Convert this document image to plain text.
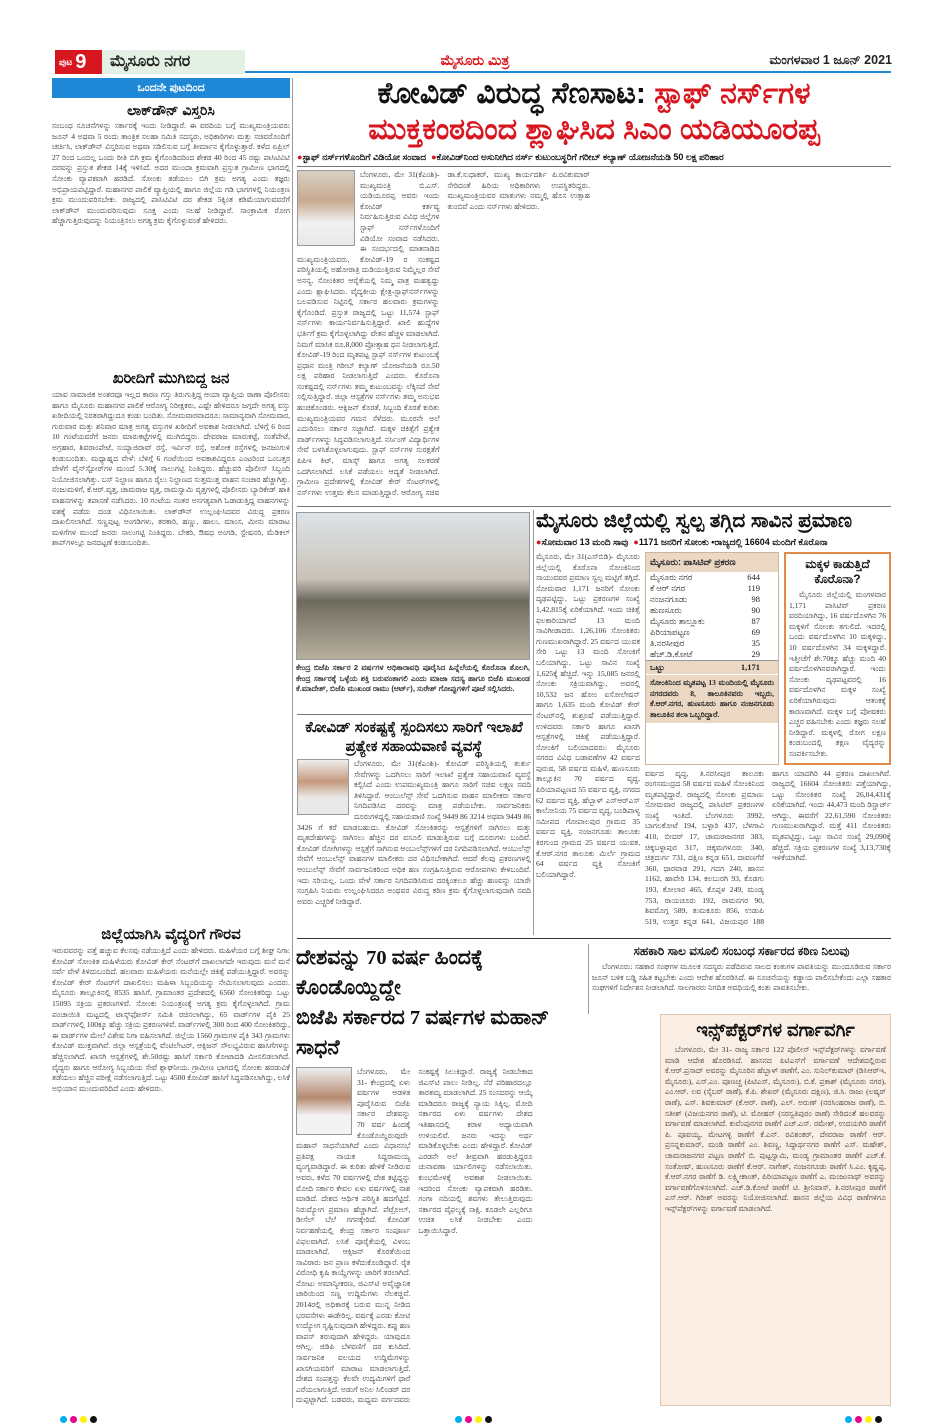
ಪುಟ 9	ಮೈಸೂರು ನಗರ	ಮೈಸೂರು ಮಿತ್ರ	ಮಂಗಳವಾರ 1 ಜೂನ್ 2021
ಒಂದನೇ ಪುಟದಿಂದ
ಲಾಕ್‌ಡೌನ್ ವಿಸ್ತರಿಸಿ
ಸಂಬಂಧ ಸೂಚನೆಗಳನ್ನು ಸರ್ಕಾರಕ್ಕೆ ಇಂದು ನೀಡಿದ್ದಾರೆ. ಈ ವರದಿಯ ಬಗ್ಗೆ ಮುಖ್ಯಮಂತ್ರಿಯವರು ಜೂನ್ 4 ಅಥವಾ 5 ರಂದು ತಾಂತ್ರಿಕ ಸಲಹಾ ಸಮಿತಿ ಸದಸ್ಯರು, ಅಧಿಕಾರಿಗಳು ಮತ್ತು ಸಚಿವರೊಂದಿಗೆ ಚರ್ಚಿಸಿ, ಲಾಕ್‌ಡೌನ್ ವಿಸ್ತರಿಸುವ ಅಥವಾ ಸಡಿಲಿಸುವ ಬಗ್ಗೆ ತೀರ್ಮಾನ ಕೈಗೊಳ್ಳುತ್ತಾರೆ. ಕಳೆದ ಏಪ್ರಿಲ್ 27 ರಿಂದ ಒಂದಲ್ಲ ಒಂದು ರೀತಿ ಬಿಗಿ ಕ್ರಮ ಕೈಗೊಂಡಿದರಿಂದ ಶೇಕಡ 40 ರಿಂದ 45 ರಷ್ಟು ಪಾಸಿಟಿವಿಟಿ ದರವನ್ನು ಪ್ರಸ್ತುತ ಶೇಕಡ 14ಕ್ಕೆ ಇಳಿಸಿದೆ. ಅದರ ಮುಂದಾ ಕ್ರಮವಾಗಿ ಪ್ರಸ್ತುತ ಗ್ರಾಮೀಣ ಭಾಗದಲ್ಲಿ ಸೋಂಕು ವ್ಯಾಪಕವಾಗಿ ಹರಡಿದೆ. ಸೋಂಕು ತಡೆಯಲು ಬಿಗಿ ಕ್ರಮ ಅಗತ್ಯ ಎಂದು ತಜ್ಞರು ಅಭಿಪ್ರಾಯಪಟ್ಟಿದ್ದಾರೆ. ಮಹಾನಗರ ಪಾಲಿಕೆ ವ್ಯಾಪ್ತಿಯಲ್ಲಿ ಹಾಗೂ ಜಿಲ್ಲೆಯ ಗಡಿ ಭಾಗಗಳಲ್ಲಿ ನಿಯಂತ್ರಣ ಕ್ರಮ ಮುಂದುವರಿಸಬೇಕು. ರಾಜ್ಯದಲ್ಲಿ ಪಾಸಿಟಿವಿಟಿ ದರ ಶೇಕಡ 5ಕ್ಕಿಂತ ಕಡಿಮೆಯಾಗುವವರೆಗೆ ಲಾಕ್‌ಡೌನ್ ಮುಂದುವರಿಸುವುದು ಸೂಕ್ತ ಎಂದು ಸಲಹೆ ನೀಡಿದ್ದಾರೆ. ಸಾಂಕ್ರಾಮಿಕ ರೋಗ ಹೆಚ್ಚಾಗುತ್ತಿರುವುದನ್ನು ನಿಯಂತ್ರಿಸಲು ಅಗತ್ಯ ಕ್ರಮ ಕೈಗೊಳ್ಳುವಂತೆ ಹೇಳಿದರು.
ಖರೀದಿಗೆ ಮುಗಿಬಿದ್ದ ಜನ
ಯಾವ ಸಾಮಾಜಿಕ ಅಂತರವೂ ಇಲ್ಲದ ಕಾರಣ ಗಸ್ತು ತಿರುಗುತ್ತಿದ್ದ ಆಯಾ ವ್ಯಾಪ್ತಿಯ ಠಾಣಾ ಪೊಲೀಸರು ಹಾಗೂ ಮೈಸೂರು ಮಹಾನಗರ ಪಾಲಿಕೆ ಆರೋಗ್ಯ ನಿರೀಕ್ಷಕರು, ಎಷ್ಟೇ ಹೇಳಿದರೂ ಜಗ್ಗದೇ ಅಗತ್ಯ ವಸ್ತು ಖರೀದಿಯಲ್ಲಿ ನಿರತರಾಗಿದ್ದುದೂ ಕಂಡು ಬಂದಿತು. ಸೋಮವಾರವಾದರೂ: ಸಾಮಾನ್ಯವಾಗಿ ಸೋಮವಾರ, ಗುರುವಾರ ಮತ್ತು ಶನಿವಾರ ಮಾತ್ರ ಅಗತ್ಯ ವಸ್ತುಗಳ ಖರೀದಿಗೆ ಅವಕಾಶ ನೀಡಲಾಗಿದೆ. ಬೆಳಿಗ್ಗೆ 6 ರಿಂದ 10 ಗಂಟೆಯವರೆಗೆ ಜನರು ಮಾರುಕಟ್ಟೆಗಳಲ್ಲಿ ಮುಗಿಬಿದ್ದರು. ದೇವರಾಜ ಮಾರುಕಟ್ಟೆ, ಸಂತೆಪೇಟೆ, ಅಗ್ರಹಾರ, ಶಿವರಾಂಪೇಟೆ, ಸಯ್ಯಾಜಿರಾವ್ ರಸ್ತೆ, ಇರ್ವಿನ್ ರಸ್ತೆ, ಅಶೋಕ ರಸ್ತೆಗಳಲ್ಲಿ ಜನಜಂಗುಳಿ ಕಂಡುಬಂದಿತು. ಮಧ್ಯಾಹ್ನದ ವೇಳೆ: ಬೆಳಿಗ್ಗೆ 6 ಗಂಟೆಯಿಂದ ಅವಕಾಶವಿದ್ದರೂ ಎಂಟರಿಂದ ಒಂಬತ್ತರ ವೇಳೆಗೆ ವೈನ್‌ಸ್ಟೋರ್‌ಗಳ ಮುಂದೆ 5.30ಕ್ಕೆ ಸಾಲುಗಟ್ಟಿ ನಿಂತಿದ್ದರು. ಹೆಚ್ಚುವರಿ ಪೊಲೀಸ್ ಸಿಬ್ಬಂದಿ ನಿಯೋಜಿಸಲಾಗಿತ್ತು. ಬಸ್ ನಿಲ್ದಾಣ ಹಾಗೂ ರೈಲು ನಿಲ್ದಾಣದ ಸುತ್ತಮುತ್ತ ವಾಹನ ಸಂಚಾರ ಹೆಚ್ಚಾಗಿತ್ತು. ನಂಜುಮಳಿಗೆ, ಕೆ.ಆರ್.ವೃತ್ತ, ಚಾಮರಾಜ ವೃತ್ತ, ರಾಮಸ್ವಾಮಿ ವೃತ್ತಗಳಲ್ಲಿ ಪೊಲೀಸರು ಬ್ಯಾರಿಕೇಡ್ ಹಾಕಿ ವಾಹನಗಳನ್ನು ತಪಾಸಣೆ ನಡೆಸಿದರು. 10 ಗಂಟೆಯ ನಂತರ ಅನಗತ್ಯವಾಗಿ ಓಡಾಡುತ್ತಿದ್ದ ವಾಹನಗಳನ್ನು ವಶಕ್ಕೆ ಪಡೆದು ದಂಡ ವಿಧಿಸಲಾಯಿತು. ಲಾಕ್‌ಡೌನ್ ಉಲ್ಲಂಘಿಸಿದವರ ವಿರುದ್ಧ ಪ್ರಕರಣ ದಾಖಲಿಸಲಾಗಿದೆ. ಸಣ್ಣಪುಟ್ಟ ಅಂಗಡಿಗಳು, ತರಕಾರಿ, ಹಣ್ಣು, ಹಾಲು, ಮಾಂಸ, ಮೀನು ಮಾರಾಟ ಮಳಿಗೆಗಳ ಮುಂದೆ ಜನರು ಸಾಲುಗಟ್ಟಿ ನಿಂತಿದ್ದರು. ಬೇಕರಿ, ಔಷಧ ಅಂಗಡಿ, ಸ್ಟೇಷನರಿ, ಮೆಡಿಕಲ್ ಶಾಪ್‌ಗಳಲ್ಲೂ ಜನದಟ್ಟಣೆ ಕಂಡುಬಂದಿತು.
ಜಿಲ್ಲೆಯಾಗಿಸಿ ವೈದ್ಯರಿಗೆ ಗೌರವ
ಇರುವವರನ್ನು ಪತ್ತೆ ಹಚ್ಚುವ ಕೆಲಸವು ನಡೆಯುತ್ತಿದೆ ಎಂದು ಹೇಳಿದರು. ಮಹಿಳೆಯರ ಬಗ್ಗೆ ಶೀಘ್ರ ನಿಗಾ: ಕೋವಿಡ್ ಸೋಂಕಿತ ಮಹಿಳೆಯರು ಕೋವಿಡ್ ಕೇರ್ ಸೆಂಟರ್‌ಗೆ ದಾಖಲಾಗದೇ ಇರುವುದು ಮನೆ ಮನೆ ಸರ್ವೆ ವೇಳೆ ತಿಳಿದುಬಂದಿದೆ. ಹಲವಾರು ಮಹಿಳೆಯರು ಮನೆಯಲ್ಲೇ ಚಿಕಿತ್ಸೆ ಪಡೆಯುತ್ತಿದ್ದಾರೆ. ಅವರನ್ನು ಕೋವಿಡ್ ಕೇರ್ ಸೆಂಟರ್‌ಗೆ ದಾಖಲಿಸಲು ಮಹಿಳಾ ಸಿಬ್ಬಂದಿಯನ್ನು ನೇಮಿಸಲಾಗುವುದು ಎಂದರು. ಮೈಸೂರು ತಾಲ್ಲೂಕಿನಲ್ಲಿ 8535 ಹಾಸಿಗೆ, ಗ್ರಾಮಾಂತರ ಪ್ರದೇಶದಲ್ಲಿ 6560 ಸೋಂಕಿತರಿದ್ದು ಒಟ್ಟು 15095 ಸಕ್ರಿಯ ಪ್ರಕರಣಗಳಿವೆ. ಸೋಂಕು ನಿಯಂತ್ರಣಕ್ಕೆ ಅಗತ್ಯ ಕ್ರಮ ಕೈಗೊಳ್ಳಲಾಗಿದೆ. ಗ್ರಾಮ ಪಂಚಾಯಿತಿ ಮಟ್ಟದಲ್ಲಿ ಟಾಸ್ಕ್‌ಫೋರ್ಸ್ ಸಮಿತಿ ರಚಿಸಲಾಗಿದ್ದು, 65 ವಾರ್ಡ್‌ಗಳ ಪೈಕಿ 25 ವಾರ್ಡ್‌ಗಳಲ್ಲಿ 100ಕ್ಕೂ ಹೆಚ್ಚು ಸಕ್ರಿಯ ಪ್ರಕರಣಗಳಿವೆ. ವಾರ್ಡ್‌ಗಳಲ್ಲಿ 300 ರಿಂದ 400 ಸೋಂಕಿತರಿದ್ದು, ಈ ವಾರ್ಡ್‌ಗಳ ಮೇಲೆ ವಿಶೇಷ ನಿಗಾ ವಹಿಸಲಾಗಿದೆ. ಜಿಲ್ಲೆಯ 1560 ಗ್ರಾಮಗಳ ಪೈಕಿ 343 ಗ್ರಾಮಗಳು ಕೋವಿಡ್ ಮುಕ್ತವಾಗಿವೆ. ಜಿಲ್ಲಾ ಆಸ್ಪತ್ರೆಯಲ್ಲಿ ವೆಂಟಿಲೇಟರ್, ಆಕ್ಸಿಜನ್ ಸೌಲಭ್ಯವಿರುವ ಹಾಸಿಗೆಗಳನ್ನು ಹೆಚ್ಚಿಸಲಾಗಿದೆ. ಖಾಸಗಿ ಆಸ್ಪತ್ರೆಗಳಲ್ಲಿ ಶೇ.50ರಷ್ಟು ಹಾಸಿಗೆ ಸರ್ಕಾರಿ ಕೋಟಾದಡಿ ಮೀಸಲಿಡಲಾಗಿದೆ. ವೈದ್ಯರು ಹಾಗೂ ಆರೋಗ್ಯ ಸಿಬ್ಬಂದಿಯ ಸೇವೆ ಶ್ಲಾಘನೀಯ. ಗ್ರಾಮೀಣ ಭಾಗದಲ್ಲಿ ಸೋಂಕು ಹರಡುವಿಕೆ ತಡೆಯಲು ಹೆಚ್ಚಿನ ಪರೀಕ್ಷೆ ನಡೆಸಲಾಗುತ್ತಿದೆ. ಒಟ್ಟು 4500 ಕೋವಿಡ್ ಹಾಸಿಗೆ ಸಿದ್ಧಪಡಿಸಲಾಗಿದ್ದು, ಲಸಿಕೆ ಅಭಿಯಾನ ಮುಂದುವರಿದಿದೆ ಎಂದು ಹೇಳಿದರು.
ಕೋವಿಡ್ ವಿರುದ್ಧ ಸೆಣಸಾಟ: ಸ್ಟಾಫ್ ನರ್ಸ್‌ಗಳ
ಮುಕ್ತಕಂಠದಿಂದ ಶ್ಲಾಘಿಸಿದ ಸಿಎಂ ಯಡಿಯೂರಪ್ಪ
●ಸ್ಟಾಫ್ ನರ್ಸ್‌ಗಳೊಂದಿಗೆ ವಿಡಿಯೋ ಸಂವಾದ ●ಕೋವಿಡ್‌ನಿಂದ ಅಸುನೀಗಿದ ನರ್ಸ್ ಕುಟುಂಬಸ್ಥರಿಗೆ ಗರೀಬ್ ಕಲ್ಯಾಣ್ ಯೋಜನೆಯಡಿ 50 ಲಕ್ಷ ಪರಿಹಾರ
ಬೆಂಗಳೂರು, ಮೇ 31(ಕೆಎಂಶಿ)- ಮುಖ್ಯಮಂತ್ರಿ ಬಿ.ಎಸ್. ಯಡಿಯೂರಪ್ಪ ಅವರು ಇಂದು ಕೋವಿಡ್ ಕರ್ತವ್ಯ ನಿರ್ವಹಿಸುತ್ತಿರುವ ವಿವಿಧ ಜಿಲ್ಲೆಗಳ ಸ್ಟಾಫ್ ನರ್ಸ್‌ಗಳೊಂದಿಗೆ ವಿಡಿಯೋ ಸಂವಾದ ನಡೆಸಿದರು. ಈ ಸಂದರ್ಭದಲ್ಲಿ ಮಾತನಾಡಿದ ಮುಖ್ಯಮಂತ್ರಿಯವರು, ಕೋವಿಡ್-19 ರ ಸಂಕಷ್ಟದ ಪರಿಸ್ಥಿತಿಯಲ್ಲಿ ಅಹೋರಾತ್ರಿ ದುಡಿಯುತ್ತಿರುವ ನಿಮ್ಮೆಲ್ಲರ ಸೇವೆ ಅನನ್ಯ. ಸೋಂಕಿತರ ಆರೈಕೆಯಲ್ಲಿ ನಿಮ್ಮ ಪಾತ್ರ ಮಹತ್ವದ್ದು ಎಂದು ಶ್ಲಾಘಿಸಿದರು. ವೈದ್ಯಕೀಯ ಕ್ಷೇತ್ರ-ಸ್ಟಾಫ್‌ನರ್ಸ್‌ಗಳನ್ನು ಬಲಪಡಿಸುವ ನಿಟ್ಟಿನಲ್ಲಿ ಸರ್ಕಾರ ಹಲವಾರು ಕ್ರಮಗಳನ್ನು ಕೈಗೊಂಡಿದೆ. ಪ್ರಸ್ತುತ ರಾಜ್ಯದಲ್ಲಿ ಒಟ್ಟು 11,574 ಸ್ಟಾಫ್ ನರ್ಸ್‌ಗಳು ಕಾರ್ಯನಿರ್ವಹಿಸುತ್ತಿದ್ದಾರೆ. ಖಾಲಿ ಹುದ್ದೆಗಳ ಭರ್ತಿಗೆ ಕ್ರಮ ಕೈಗೊಳ್ಳಲಾಗಿದ್ದು ವೇತನ ಹೆಚ್ಚಳ ಮಾಡಲಾಗಿದೆ. ನಿಮಗೆ ಮಾಸಿಕ ರೂ.8,000 ಪ್ರೋತ್ಸಾಹ ಧನ ನೀಡಲಾಗುತ್ತಿದೆ. ಕೋವಿಡ್-19 ರಿಂದ ಮೃತಪಟ್ಟ ಸ್ಟಾಫ್ ನರ್ಸ್‌ಗಳ ಕುಟುಂಬಕ್ಕೆ ಪ್ರಧಾನ ಮಂತ್ರಿ ಗರೀಬ್ ಕಲ್ಯಾಣ್ ಯೋಜನೆಯಡಿ ರೂ.50 ಲಕ್ಷ ಪರಿಹಾರ ನೀಡಲಾಗುತ್ತಿದೆ ಎಂದರು. ಕೊರೊನಾ ಸಂಕಷ್ಟದಲ್ಲಿ ನರ್ಸ್‌ಗಳು ತಮ್ಮ ಕುಟುಂಬವನ್ನು ಲೆಕ್ಕಿಸದೆ ಸೇವೆ ಸಲ್ಲಿಸುತ್ತಿದ್ದಾರೆ. ಜಿಲ್ಲಾ ಆಸ್ಪತ್ರೆಗಳ ನರ್ಸ್‌ಗಳು ತಮ್ಮ ಅನುಭವ ಹಂಚಿಕೊಂಡರು. ಆಕ್ಸಿಜನ್ ಕೊರತೆ, ಸಿಬ್ಬಂದಿ ಕೊರತೆ ಕುರಿತು ಮುಖ್ಯಮಂತ್ರಿಯವರ ಗಮನ ಸೆಳೆದರು. ಮೂರನೇ ಅಲೆ ಎದುರಿಸಲು ಸರ್ಕಾರ ಸಜ್ಜಾಗಿದೆ. ಮಕ್ಕಳ ಚಿಕಿತ್ಸೆಗೆ ಪ್ರತ್ಯೇಕ ವಾರ್ಡ್‌ಗಳನ್ನು ಸಿದ್ಧಪಡಿಸಲಾಗುತ್ತಿದೆ. ನರ್ಸಿಂಗ್ ವಿದ್ಯಾರ್ಥಿಗಳ ಸೇವೆ ಬಳಸಿಕೊಳ್ಳಲಾಗುವುದು. ಸ್ಟಾಫ್ ನರ್ಸ್‌ಗಳ ಸುರಕ್ಷತೆಗೆ ಪಿಪಿಇ ಕಿಟ್, ಮಾಸ್ಕ್ ಹಾಗೂ ಅಗತ್ಯ ಸಲಕರಣೆ ಒದಗಿಸಲಾಗಿದೆ. ಲಸಿಕೆ ಪಡೆಯಲು ಆದ್ಯತೆ ನೀಡಲಾಗಿದೆ. ಗ್ರಾಮೀಣ ಪ್ರದೇಶಗಳಲ್ಲಿ ಕೋವಿಡ್ ಕೇರ್ ಸೆಂಟರ್‌ಗಳಲ್ಲಿ ನರ್ಸ್‌ಗಳು ಉತ್ತಮ ಕೆಲಸ ಮಾಡುತ್ತಿದ್ದಾರೆ. ಆರೋಗ್ಯ ಸಚಿವ ಡಾ.ಕೆ.ಸುಧಾಕರ್, ಮುಖ್ಯ ಕಾರ್ಯದರ್ಶಿ ಪಿ.ರವಿಕುಮಾರ್ ಸೇರಿದಂತೆ ಹಿರಿಯ ಅಧಿಕಾರಿಗಳು ಉಪಸ್ಥಿತರಿದ್ದರು. ಮುಖ್ಯಮಂತ್ರಿಯವರ ಮಾತುಗಳು ನಮ್ಮಲ್ಲಿ ಹೊಸ ಉತ್ಸಾಹ ತುಂಬಿವೆ ಎಂದು ನರ್ಸ್‌ಗಳು ಹೇಳಿದರು.
ಕೇಂದ್ರ ಬಿಜೆಪಿ ಸರ್ಕಾರ 2 ವರ್ಷಗಳ ಅಧಿಕಾರಾವಧಿ ಪೂರೈಸಿದ ಹಿನ್ನೆಲೆಯಲ್ಲಿ ಕೊರೊನಾ ತೊಲಗಿ, ಕೇಂದ್ರ ಸರ್ಕಾರಕ್ಕೆ ಒಳ್ಳೆಯ ಶಕ್ತಿ ಬರುವಂತಾಗಲಿ ಎಂದು ಮಾಜಾ ಸದಸ್ಯ ಹಾಗೂ ಬಿಜೆಪಿ ಮುಖಂಡ ಕೆ.ಮಾದೇಶ್, ಬಿಜೆಪಿ ಮುಖಂಡ ರಾಮು (ಆರ್ಟ್), ಸುರೇಶ್ ಗೋಪ್ಪುಗಳಿಗೆ ಪೂಜೆ ಸಲ್ಲಿಸಿದರು.
ಕೋವಿಡ್ ಸಂಕಷ್ಟಕ್ಕೆ ಸ್ಪಂದಿಸಲು ಸಾರಿಗೆ ಇಲಾಖೆ ಪ್ರತ್ಯೇಕ ಸಹಾಯವಾಣಿ ವ್ಯವಸ್ಥೆ
ಬೆಂಗಳೂರು, ಮೇ 31(ಕೆಎಂಶಿ)- ಕೋವಿಡ್ ಪರಿಸ್ಥಿತಿಯಲ್ಲಿ ತುರ್ತು ಸೇವೆಗಳನ್ನು ಒದಗಿಸಲು ಸಾರಿಗೆ ಇಲಾಖೆ ಪ್ರತ್ಯೇಕ ಸಹಾಯವಾಣಿ ವ್ಯವಸ್ಥೆ ಕಲ್ಪಿಸಿದೆ ಎಂದು ಉಪಮುಖ್ಯಮಂತ್ರಿ ಹಾಗೂ ಸಾರಿಗೆ ಸಚಿವ ಲಕ್ಷ್ಮಣ ಸವದಿ ತಿಳಿಸಿದ್ದಾರೆ. ಆಂಬುಲೆನ್ಸ್ ಸೇವೆ ಒದಗಿಸುವ ವಾಹನ ಮಾಲೀಕರು ಸರ್ಕಾರ ನಿಗದಿಪಡಿಸಿದ ದರವನ್ನು ಮಾತ್ರ ಪಡೆಯಬೇಕು. ಸಾರ್ವಜನಿಕರು ದೂರುಗಳಿದ್ದಲ್ಲಿ ಸಹಾಯವಾಣಿ ಸಂಖ್ಯೆ 9449 86 3214 ಅಥವಾ 9449 86 3426 ಗೆ ಕರೆ ಮಾಡಬಹುದು. ಕೋವಿಡ್ ಸೋಂಕಿತರನ್ನು ಆಸ್ಪತ್ರೆಗಳಿಗೆ ಸಾಗಿಸಲು ಮತ್ತು ಮೃತದೇಹಗಳನ್ನು ಸಾಗಿಸಲು ಹೆಚ್ಚಿನ ದರ ವಸೂಲಿ ಮಾಡುತ್ತಿರುವ ಬಗ್ಗೆ ದೂರುಗಳು ಬಂದಿವೆ. ಕೋವಿಡ್ ರೋಗಿಗಳನ್ನು ಆಸ್ಪತ್ರೆಗೆ ಸಾಗಿಸುವ ಆಂಬುಲೆನ್ಸ್‌ಗಳಿಗೆ ದರ ನಿಗದಿಪಡಿಸಲಾಗಿದೆ. ಆಂಬುಲೆನ್ಸ್ ಸೇವೆಗೆ ಆಂಬುಲೆನ್ಸ್ ವಾಹನಗಳ ಮಾಲೀಕರು ದರ ವಿಧಿಸಬೇಕಾಗಿದೆ. ಆದರೆ ಕೆಲವು ಪ್ರಕರಣಗಳಲ್ಲಿ ಆಂಬುಲೆನ್ಸ್ ಸೇವೆಗೆ ಸಾರ್ವಜನಿಕರಿಂದ ಅಧಿಕ ಹಣ ಸಂಗ್ರಹಿಸುತ್ತಿರುವ ಆರೋಪಗಳು ಕೇಳಿಬಂದಿವೆ. ಇದು ಸರಿಯಲ್ಲ. ಒಂದು ವೇಳೆ ಸರ್ಕಾರ ನಿಗದಿಪಡಿಸಿರುವ ದರಕ್ಕಿಂತಲೂ ಹೆಚ್ಚು ಹಣವನ್ನು ಯಾರೇ ಸಂಗ್ರಹಿಸಿ ನಿಯಮ ಉಲ್ಲಂಘಿಸಿದರೂ ಅಂಥವರ ವಿರುದ್ಧ ಕಠಿಣ ಕ್ರಮ ಕೈಗೊಳ್ಳಲಾಗುವುದಾಗಿ ಸವದಿ ಅವರು ಎಚ್ಚರಿಕೆ ನೀಡಿದ್ದಾರೆ.
ಮೈಸೂರು ಜಿಲ್ಲೆಯಲ್ಲಿ ಸ್ವಲ್ಪ ತಗ್ಗಿದ ಸಾವಿನ ಪ್ರಮಾಣ
●ಸೋಮವಾರ 13 ಮಂದಿ ಸಾವು ●1171 ಜನರಿಗೆ ಸೋಂಕು •ರಾಜ್ಯದಲ್ಲಿ 16604 ಮಂದಿಗೆ ಕೊರೊನಾ
ಮೈಸೂರು, ಮೇ 31(ಎಸ್‌ಬಿಡಿ)- ಮೈಸೂರು ಜಿಲ್ಲೆಯಲ್ಲಿ ಕೊರೊನಾ ಸೋಂಕಿನಿಂದ ಸಾಯುವವರ ಪ್ರಮಾಣ ಸ್ವಲ್ಪ ಮಟ್ಟಿಗೆ ತಗ್ಗಿದೆ. ಸೋಮವಾರ 1,171 ಜನರಿಗೆ ಸೋಂಕು ದೃಢಪಟ್ಟಿದ್ದು, ಒಟ್ಟು ಪ್ರಕರಣಗಳ ಸಂಖ್ಯೆ 1,42,815ಕ್ಕೆ ಏರಿಕೆಯಾಗಿದೆ. ಇಂದು ಚಿಕಿತ್ಸೆ ಫಲಕಾರಿಯಾಗದೆ 13 ಮಂದಿ ಸಾವಿಗೀಡಾದರು. 1,26,106 ಸೋಂಕಿತರು ಗುಣಮುಖರಾಗಿದ್ದಾರೆ. 25 ವರ್ಷದ ಯುವಕ ಸೇರಿ ಒಟ್ಟು 13 ಮಂದಿ ಸೋಂಕಿಗೆ ಬಲಿಯಾಗಿದ್ದು, ಒಟ್ಟು ಸಾವಿನ ಸಂಖ್ಯೆ 1,625ಕ್ಕೆ ಹೆಚ್ಚಿದೆ. ಇನ್ನು 15,085 ಜನರಲ್ಲಿ ಸೋಂಕು ಸಕ್ರಿಯವಾಗಿದ್ದು, ಅವರಲ್ಲಿ 10,532 ಜನ ಹೋಂ ಐಸೋಲೇಷನ್ ಹಾಗೂ 1,635 ಮಂದಿ ಕೋವಿಡ್ ಕೇರ್ ಸೆಂಟರ್‌ನಲ್ಲಿ ಶುಶ್ರೂಷೆ ಪಡೆಯುತ್ತಿದ್ದಾರೆ. ಉಳಿದವರು ಸರ್ಕಾರಿ ಹಾಗೂ ಖಾಸಗಿ ಆಸ್ಪತ್ರೆಗಳಲ್ಲಿ ಚಿಕಿತ್ಸೆ ಪಡೆಯುತ್ತಿದ್ದಾರೆ. ಸೋಂಕಿಗೆ ಬಲಿಯಾದವರು: ಮೈಸೂರು ನಗರದ ವಿವಿಧ ಬಡಾವಣೆಗಳ 42 ವರ್ಷದ ಪುರುಷ, 58 ವರ್ಷದ ಮಹಿಳೆ, ಹುಣಸೂರು ತಾಲ್ಲೂಕಿನ 70 ವರ್ಷದ ವೃದ್ಧ, ಪಿರಿಯಾಪಟ್ಟಣದ 55 ವರ್ಷದ ವ್ಯಕ್ತಿ, ನಗರದ 62 ವರ್ಷದ ವ್ಯಕ್ತಿ, ಹೆಬ್ಬಾಳ್ ಎಸ್‌ಆರ್‌ಎಸ್ ಕಾಲೋನಿಯ 75 ವರ್ಷದ ವೃದ್ಧ, ಬಂಡಿಪಾಳ್ಯ ಸಮೀಪದ ಗೋಪಾಲಪುರ ಗ್ರಾಮದ 35 ವರ್ಷದ ವ್ಯಕ್ತಿ, ನಂಜನಗೂಡು ತಾಲೂಕು ಕಿರಗುಂದ ಗ್ರಾಮದ 25 ವರ್ಷದ ಯುವಕ, ಕೆ.ಆರ್.ನಗರ ತಾಲೂಕು ಮಿರ್ಲೆ ಗ್ರಾಮದ 64 ವರ್ಷದ ವ್ಯಕ್ತಿ ಸೋಂಕಿಗೆ ಬಲಿಯಾಗಿದ್ದಾರೆ.
ಮೈಸೂರು: ಪಾಸಿಟಿವ್ ಪ್ರಕರಣ
ಮೈಸೂರು ನಗರ	644
ಕೆ ಆರ್ ನಗರ	119
ನಂಜನಗೂಡು	98
ಹುಣಸೂರು	90
ಮೈಸೂರು ತಾಲ್ಲೂಕು	87
ಪಿರಿಯಾಪಟ್ಟಣ	69
ತಿ.ನರಸೀಪುರ	35
ಹೆಚ್.ಡಿ.ಕೋಟೆ	29
ಒಟ್ಟು	1,171
ಸೋಂಕಿನಿಂದ ಮೃತಪಟ್ಟ 13 ಮಂದಿಯಲ್ಲಿ ಮೈಸೂರು ನಗರದವರು 8, ತಾಲೂಕಿನವರು ಇಬ್ಬರು, ಕೆ.ಆರ್.ನಗರ, ಹುಣಸೂರು ಹಾಗೂ ನಂಜನಗೂಡು ತಾಲೂಕಿನ ತಲಾ ಒಬ್ಬರಿದ್ದಾರೆ.
ಮಕ್ಕಳ ಕಾಡುತ್ತಿದೆ ಕೊರೊನಾ?
ಮೈಸೂರು ಜಿಲ್ಲೆಯಲ್ಲಿ ಮಂಗಳವಾರ 1,171 ಪಾಸಿಟಿವ್ ಪ್ರಕರಣ ವರದಿಯಾಗಿದ್ದು, 16 ವರ್ಷದೊಳಗಿನ 76 ಮಕ್ಕಳಿಗೆ ಸೋಂಕು ತಗುಲಿದೆ. ಇದರಲ್ಲಿ ಒಂದು ವರ್ಷದೊಳಗಿನ 10 ಮಕ್ಕಳಿದ್ದು, 10 ವರ್ಷದೊಳಗಿನ 34 ಮಕ್ಕಳಿದ್ದಾರೆ. ಇತ್ತೀಚೆಗೆ ಶೇ.70ಕ್ಕೂ ಹೆಚ್ಚು ಮಂದಿ 40 ವರ್ಷದೊಳಗಿನವರಾಗಿದ್ದಾರೆ. ಇಂದು ಸೋಂಕು ದೃಢಪಟ್ಟವರಲ್ಲಿ 16 ವರ್ಷದೊಳಗಿನ ಮಕ್ಕಳ ಸಂಖ್ಯೆ ಏರಿಕೆಯಾಗಿರುವುದು ಆತಂಕಕ್ಕೆ ಕಾರಣವಾಗಿದೆ. ಮಕ್ಕಳ ಬಗ್ಗೆ ಪೋಷಕರು ಎಚ್ಚರ ವಹಿಸಬೇಕು ಎಂದು ತಜ್ಞರು ಸಲಹೆ ನೀಡಿದ್ದಾರೆ. ಮಕ್ಕಳಲ್ಲಿ ರೋಗ ಲಕ್ಷಣ ಕಂಡುಬಂದಲ್ಲಿ ತಕ್ಷಣ ವೈದ್ಯರನ್ನು ಸಂಪರ್ಕಿಸಬೇಕು.
ವರ್ಷದ ವೃದ್ಧ, ತಿ.ನರಸೀಪುರ ತಾಲೂಕು ರಂಗಸಮುದ್ರದ 58 ವರ್ಷದ ಮಹಿಳೆ ಸೋಂಕಿನಿಂದ ಮೃತಪಟ್ಟಿದ್ದಾರೆ. ರಾಜ್ಯದಲ್ಲಿ ಸೋಂಕು ಪ್ರಮಾಣ: ಸೋಮವಾರ ರಾಜ್ಯದಲ್ಲಿ ಪಾಸಿಟಿವ್ ಪ್ರಕರಣಗಳ ಸಂಖ್ಯೆ ಇಂತಿದೆ. ಬೆಂಗಳೂರು 3992, ಬಾಗಲಕೋಟೆ 194, ಬಳ್ಳಾರಿ 437, ಬೆಳಗಾವಿ 410, ಬೀದರ್ 17, ಚಾಮರಾಜನಗರ 383, ಚಿಕ್ಕಬಳ್ಳಾಪುರ 317, ಚಿಕ್ಕಮಗಳೂರು 340, ಚಿತ್ರದುರ್ಗ 731, ದಕ್ಷಿಣ ಕನ್ನಡ 651, ದಾವಣಗೆರೆ 360, ಧಾರವಾಡ 291, ಗದಗ 240, ಹಾಸನ 1162, ಹಾವೇರಿ 134, ಕಲಬುರಗಿ 93, ಕೊಡಗು 193, ಕೋಲಾರ 465, ಕೊಪ್ಪಳ 249, ಮಂಡ್ಯ 753, ರಾಯಚೂರು 192, ರಾಮನಗರ 90, ಶಿವಮೊಗ್ಗ 589, ತುಮಕೂರು 856, ಉಡುಪಿ 519, ಉತ್ತರ ಕನ್ನಡ 641, ವಿಜಯಪುರ 188 ಹಾಗೂ ಯಾದಗಿರಿ 44 ಪ್ರಕರಣ ದಾಖಲಾಗಿವೆ. ರಾಜ್ಯದಲ್ಲಿ 16604 ಸೋಂಕಿತರು ಪತ್ತೆಯಾಗಿದ್ದು, ಒಟ್ಟು ಸೋಂಕಿತರ ಸಂಖ್ಯೆ 26,04,431ಕ್ಕೆ ಏರಿಕೆಯಾಗಿದೆ. ಇಂದು 44,473 ಮಂದಿ ಡಿಸ್ಚಾರ್ಜ್ ಆಗಿದ್ದು, ಈವರೆಗೆ 22,61,590 ಸೋಂಕಿತರು ಗುಣಮುಖರಾಗಿದ್ದಾರೆ. ಮತ್ತೆ 411 ಸೋಂಕಿತರು ಮೃತಪಟ್ಟಿದ್ದು, ಒಟ್ಟು ಸಾವಿನ ಸಂಖ್ಯೆ 29,090ಕ್ಕೆ ಹೆಚ್ಚಿದೆ. ಸಕ್ರಿಯ ಪ್ರಕರಣಗಳ ಸಂಖ್ಯೆ 3,13,730ಕ್ಕೆ ಇಳಿಕೆಯಾಗಿದೆ.
ದೇಶವನ್ನು 70 ವರ್ಷ ಹಿಂದಕ್ಕೆ ಕೊಂಡೊಯ್ದಿದ್ದೇ
ಬಿಜೆಪಿ ಸರ್ಕಾರದ 7 ವರ್ಷಗಳ ಮಹಾನ್ ಸಾಧನೆ
ಬೆಂಗಳೂರು, ಮೇ 31- ಕೇಂದ್ರದಲ್ಲಿ ಏಳು ವರ್ಷಗಳ ಆಡಳಿತ ಪೂರೈಸಿರುವ ಬಿಜೆಪಿ ಸರ್ಕಾರ ದೇಶವನ್ನು 70 ವರ್ಷ ಹಿಂದಕ್ಕೆ ಕೊಂಡೊಯ್ದಿರುವುದೇ ಮಹಾನ್ ಸಾಧನೆಯಾಗಿದೆ ಎಂದು ವಿಧಾನಸಭೆ ಪ್ರತಿಪಕ್ಷ ನಾಯಕ ಸಿದ್ದರಾಮಯ್ಯ ವ್ಯಂಗ್ಯವಾಡಿದ್ದಾರೆ. ಈ ಕುರಿತು ಹೇಳಿಕೆ ನೀಡಿರುವ ಅವರು, ಕಳೆದ 70 ವರ್ಷಗಳಲ್ಲಿ ದೇಶ ಕಟ್ಟಿದ್ದನ್ನು ಮೋದಿ ಸರ್ಕಾರ ಕೇವಲ ಏಳು ವರ್ಷಗಳಲ್ಲಿ ನಾಶ ಮಾಡಿದೆ. ದೇಶದ ಆರ್ಥಿಕ ಪರಿಸ್ಥಿತಿ ಹದಗೆಟ್ಟಿದೆ. ನಿರುದ್ಯೋಗ ಪ್ರಮಾಣ ಹೆಚ್ಚಾಗಿದೆ. ಪೆಟ್ರೋಲ್, ಡೀಸೆಲ್ ಬೆಲೆ ಗಗನಕ್ಕೇರಿದೆ. ಕೋವಿಡ್ ನಿರ್ವಹಣೆಯಲ್ಲಿ ಕೇಂದ್ರ ಸರ್ಕಾರ ಸಂಪೂರ್ಣ ವಿಫಲವಾಗಿದೆ. ಲಸಿಕೆ ಪೂರೈಕೆಯಲ್ಲಿ ವಿಳಂಬ ಮಾಡಲಾಗಿದೆ. ಆಕ್ಸಿಜನ್ ಕೊರತೆಯಿಂದ ಸಾವಿರಾರು ಜನ ಪ್ರಾಣ ಕಳೆದುಕೊಂಡಿದ್ದಾರೆ. ರೈತ ವಿರೋಧಿ ಕೃಷಿ ಕಾಯ್ದೆಗಳನ್ನು ಜಾರಿಗೆ ತರಲಾಗಿದೆ. ನೋಟು ಅಮಾನ್ಯೀಕರಣ, ಜಿಎಸ್‌ಟಿ ಅವೈಜ್ಞಾನಿಕ ಜಾರಿಯಿಂದ ಸಣ್ಣ ಉದ್ದಿಮೆಗಳು ನೆಲಕಚ್ಚಿವೆ. 2014ರಲ್ಲಿ ಅಧಿಕಾರಕ್ಕೆ ಬರುವ ಮುನ್ನ ನೀಡಿದ ಭರವಸೆಗಳು ಈಡೇರಿಲ್ಲ. ವರ್ಷಕ್ಕೆ ಎರಡು ಕೋಟಿ ಉದ್ಯೋಗ ಸೃಷ್ಟಿಸುವುದಾಗಿ ಹೇಳಿದ್ದರು. ಕಪ್ಪು ಹಣ ವಾಪಸ್ ತರುವುದಾಗಿ ಹೇಳಿದ್ದರು. ಯಾವುದೂ ಆಗಿಲ್ಲ. ಜಿಡಿಪಿ ಬೆಳವಣಿಗೆ ದರ ಕುಸಿದಿದೆ. ಸಾರ್ವಜನಿಕ ವಲಯದ ಉದ್ದಿಮೆಗಳನ್ನು ಖಾಸಗಿಯವರಿಗೆ ಮಾರಾಟ ಮಾಡಲಾಗುತ್ತಿದೆ. ದೇಶದ ಸಂಪತ್ತನ್ನು ಕೆಲವೇ ಉದ್ಯಮಿಗಳಿಗೆ ಧಾರೆ ಎರೆಯಲಾಗುತ್ತಿದೆ. ಅಡುಗೆ ಅನಿಲ ಸಿಲಿಂಡರ್ ದರ ದುಪ್ಪಟ್ಟಾಗಿದೆ. ಬಡವರು, ಮಧ್ಯಮ ವರ್ಗದವರು ಸಂಕಷ್ಟಕ್ಕೆ ಸಿಲುಕಿದ್ದಾರೆ. ರಾಜ್ಯಕ್ಕೆ ನೀಡಬೇಕಾದ ಜಿಎಸ್‌ಟಿ ಪಾಲು ನೀಡಿಲ್ಲ. ನೆರೆ ಪರಿಹಾರದಲ್ಲೂ ತಾರತಮ್ಯ ಮಾಡಲಾಗಿದೆ. 25 ಸಂಸದರನ್ನು ಆಯ್ಕೆ ಮಾಡಿದರೂ ರಾಜ್ಯಕ್ಕೆ ನ್ಯಾಯ ಸಿಕ್ಕಿಲ್ಲ. ಮೋದಿ ಸರ್ಕಾರದ ಏಳು ವರ್ಷಗಳು ದೇಶದ ಇತಿಹಾಸದಲ್ಲಿ ಕರಾಳ ಅಧ್ಯಾಯವಾಗಿ ಉಳಿಯಲಿವೆ. ಜನರು ಇದನ್ನು ಅರ್ಥ ಮಾಡಿಕೊಳ್ಳಬೇಕು ಎಂದು ಹೇಳಿದ್ದಾರೆ. ಕೋವಿಡ್ ಎರಡನೇ ಅಲೆ ತೀವ್ರವಾಗಿ ಹರಡುತ್ತಿದ್ದರೂ ಚುನಾವಣಾ ರ್ಯಾಲಿಗಳನ್ನು ನಡೆಸಲಾಯಿತು. ಕುಂಭಮೇಳಕ್ಕೆ ಅವಕಾಶ ನೀಡಲಾಯಿತು. ಇದರಿಂದ ಸೋಂಕು ವ್ಯಾಪಕವಾಗಿ ಹರಡಿತು. ಗಂಗಾ ನದಿಯಲ್ಲಿ ಶವಗಳು ತೇಲುತ್ತಿರುವುದು ಸರ್ಕಾರದ ವೈಫಲ್ಯಕ್ಕೆ ಸಾಕ್ಷಿ. ಕೂಡಲೇ ಎಲ್ಲರಿಗೂ ಉಚಿತ ಲಸಿಕೆ ನೀಡಬೇಕು ಎಂದು ಒತ್ತಾಯಿಸಿದ್ದಾರೆ.
ಸಹಕಾರಿ ಸಾಲ ವಸೂಲಿ ಸಂಬಂಧ ಸರ್ಕಾರದ ಕಠಿಣ ನಿಲುವು
ಬೆಂಗಳೂರು: ಸಹಕಾರ ಸಂಘಗಳ ಮೂಲಕ ಸದಸ್ಯರು ಪಡೆದಿರುವ ಸಾಲದ ಕಂತುಗಳ ಪಾವತಿಯನ್ನು ಮುಂದೂಡಿರುವ ಸರ್ಕಾರ ಜೂನ್ ಬಳಿಕ ಬಡ್ಡಿ ಸಹಿತ ಕಟ್ಟಬೇಕು ಎಂದು ಆದೇಶ ಹೊರಡಿಸಿದೆ. ಈ ಸೂಚನೆಯನ್ನು ಕಡ್ಡಾಯ ಪಾಲಿಸಬೇಕೆಂದು ಎಲ್ಲಾ ಸಹಕಾರ ಸಂಘಗಳಿಗೆ ನಿರ್ದೇಶನ ನೀಡಲಾಗಿದೆ. ಸಾಲಗಾರರು ನಿಗದಿತ ಅವಧಿಯಲ್ಲಿ ಕಂತು ಪಾವತಿಸಬೇಕು.
ಇನ್ಸ್‌ಪೆಕ್ಟರ್‌ಗಳ ವರ್ಗಾವರ್ಗಿ
ಬೆಂಗಳೂರು, ಮೇ 31- ರಾಜ್ಯ ಸರ್ಕಾರ 122 ಪೊಲೀಸ್ ಇನ್ಸ್‌ಪೆಕ್ಟರ್‌ಗಳನ್ನು ವರ್ಗಾವಣೆ ಮಾಡಿ ಆದೇಶ ಹೊರಡಿಸಿದೆ. ಹಾಸನದ ಪಿಟಿಎಸ್‌ಗೆ ವರ್ಗಾವಣೆ ಆದೇಶದಲ್ಲಿರುವ ಕೆ.ಆರ್.ಪ್ರಸಾದ್ ಅವರನ್ನು ಮೈಸೂರಿನ ಹೆಬ್ಬಾಳ್ ಠಾಣೆಗೆ, ಎಂ. ಸುನಿಲ್‌ಕುಮಾರ್ (ಡಿಸಿಆರ್‌ಇ, ಮೈಸೂರು), ಎಸ್.ಎಂ. ಪೂಣಚ್ಚ (ಪಿಟಿಎಸ್, ಮೈಸೂರು), ಬಿ.ಕೆ. ಪ್ರಕಾಶ್ (ಮೈಸೂರು ನಗರ), ಎಂ.ಆರ್. ಲವ (ಸೈಬರ್ ಠಾಣೆ), ಕೆ.ಪಿ. ಶೇಖರ್ (ಮೈಸೂರು ದಕ್ಷಿಣ), ಜಿ.ಸಿ. ರಾಜು (ಲಷ್ಕರ್ ಠಾಣೆ), ಎಸ್. ಶಿವಕುಮಾರ್ (ಕೆ.ಆರ್. ಠಾಣೆ), ಎಲ್. ಅರುಣ್ (ನರಸಿಂಹರಾಜ ಠಾಣೆ), ಬಿ. ಸತೀಶ್ (ವಿಜಯನಗರ ಠಾಣೆ), ಟಿ. ಮೋಹನ್ (ಸರಸ್ವತಿಪುರಂ ಠಾಣೆ) ಸೇರಿದಂತೆ ಹಲವರನ್ನು ವರ್ಗಾವಣೆ ಮಾಡಲಾಗಿದೆ. ಕುವೆಂಪುನಗರ ಠಾಣೆಗೆ ಎಚ್.ಎಸ್. ರಮೇಶ್, ಉದಯಗಿರಿ ಠಾಣೆಗೆ ಪಿ. ಪೂವಯ್ಯ, ಮೇಟಗಳ್ಳಿ ಠಾಣೆಗೆ ಕೆ.ಎನ್. ರವಿಶಂಕರ್, ದೇವರಾಜ ಠಾಣೆಗೆ ಆರ್. ಪ್ರಸನ್ನಕುಮಾರ್, ಮಂಡಿ ಠಾಣೆಗೆ ಎಂ. ಶಿವಣ್ಣ, ಸಿದ್ಧಾರ್ಥನಗರ ಠಾಣೆಗೆ ಎಸ್. ಮಹೇಶ್, ಚಾಮರಾಜನಗರ ಪಟ್ಟಣ ಠಾಣೆಗೆ ಬಿ. ಪುಟ್ಟಸ್ವಾಮಿ, ಮಂಡ್ಯ ಗ್ರಾಮಾಂತರ ಠಾಣೆಗೆ ಎಚ್.ಕೆ. ಸಂತೋಷ್, ಹುಣಸೂರು ಠಾಣೆಗೆ ಕೆ.ಆರ್. ನಾಗೇಶ್, ನಂಜನಗೂಡು ಠಾಣೆಗೆ ಸಿ.ಎಂ. ಕೃಷ್ಣಪ್ಪ, ಕೆ.ಆರ್.ನಗರ ಠಾಣೆಗೆ ಡಿ. ಲಕ್ಷ್ಮೀಕಾಂತ್, ಪಿರಿಯಾಪಟ್ಟಣ ಠಾಣೆಗೆ ಎ. ಮಂಜುನಾಥ್ ಅವರನ್ನು ವರ್ಗಾವಣೆಗೊಳಿಸಲಾಗಿದೆ. ಎಚ್.ಡಿ.ಕೋಟೆ ಠಾಣೆಗೆ ಟಿ. ಶ್ರೀನಿವಾಸ್, ತಿ.ನರಸೀಪುರ ಠಾಣೆಗೆ ಎಸ್.ಆರ್. ಗಿರೀಶ್ ಅವರನ್ನು ನಿಯೋಜಿಸಲಾಗಿದೆ. ಹಾಸನ ಜಿಲ್ಲೆಯ ವಿವಿಧ ಠಾಣೆಗಳಿಗೂ ಇನ್ಸ್‌ಪೆಕ್ಟರ್‌ಗಳನ್ನು ವರ್ಗಾವಣೆ ಮಾಡಲಾಗಿದೆ.
